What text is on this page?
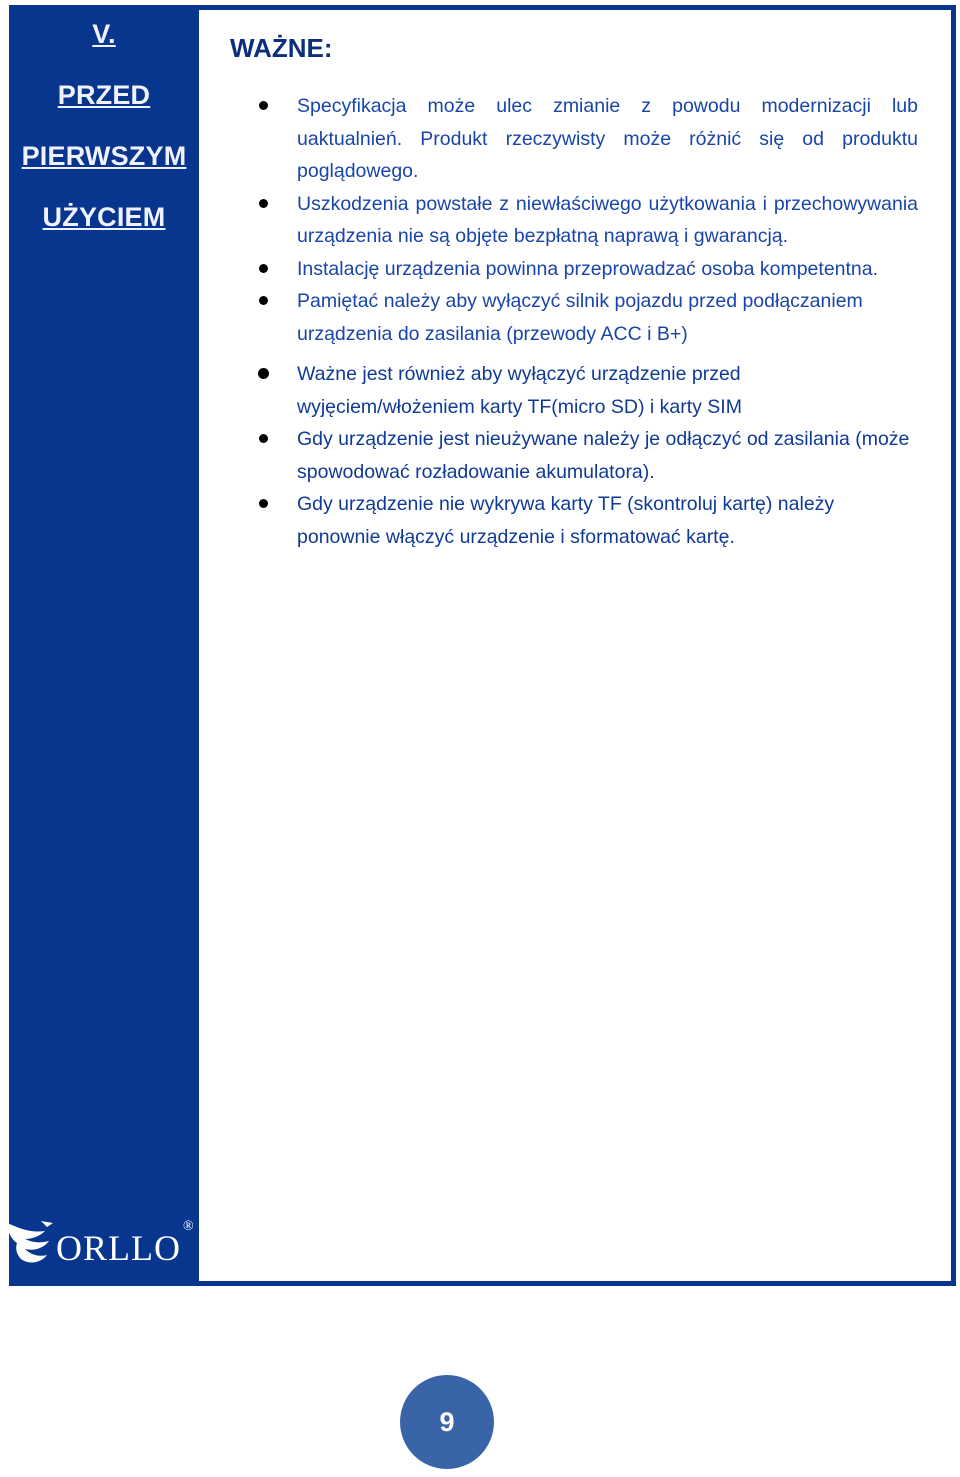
V.
PRZED
PIERWSZYM
UŻYCIEM
ORLLO
®
WAŻNE:
Specyfikacja może ulec zmianie z powodu modernizacji lub uaktualnień. Produkt rzeczywisty może różnić się od produktu poglądowego.
Uszkodzenia powstałe z niewłaściwego użytkowania i przechowywania urządzenia nie są objęte bezpłatną naprawą i gwarancją.
Instalację urządzenia powinna przeprowadzać osoba kompetentna.
Pamiętać należy aby wyłączyć silnik pojazdu przed podłączaniem urządzenia do zasilania (przewody ACC i B+)
Ważne jest również aby wyłączyć urządzenie przed wyjęciem/włożeniem karty TF(micro SD) i karty SIM
Gdy urządzenie jest nieużywane należy je odłączyć od zasilania (może spowodować rozładowanie akumulatora).
Gdy urządzenie nie wykrywa karty TF (skontroluj kartę) należy ponownie włączyć urządzenie i sformatować kartę.
9
